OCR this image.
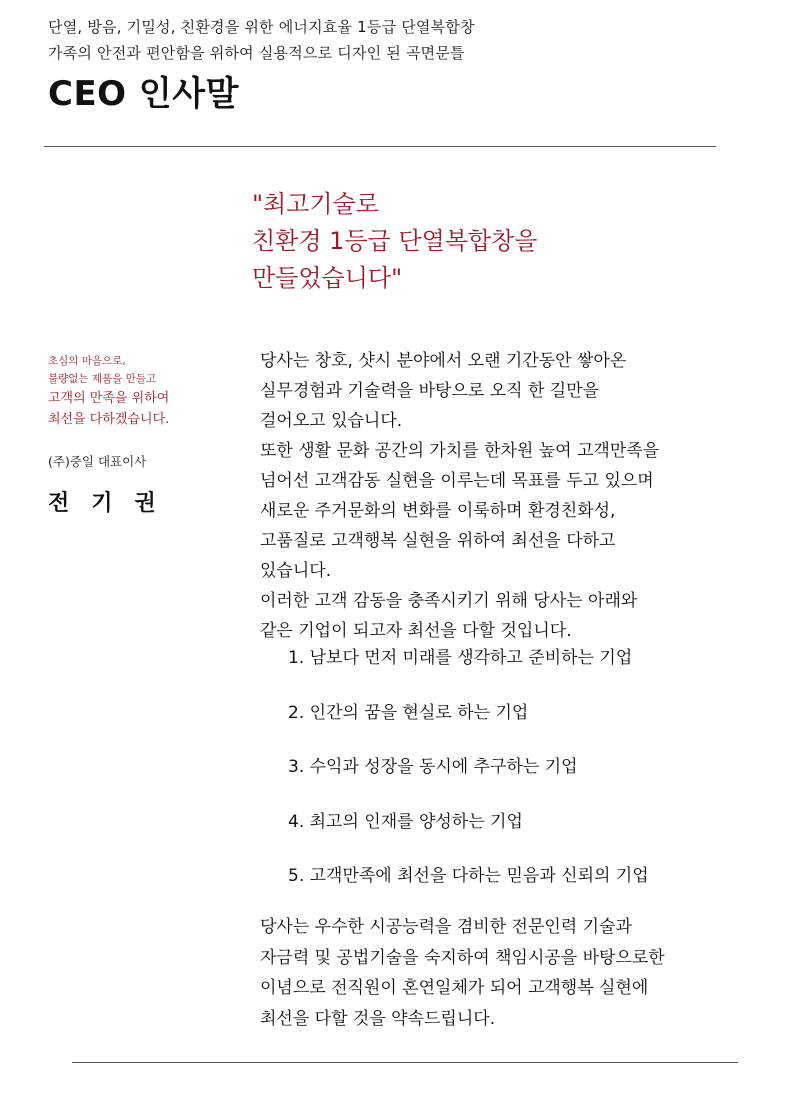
단열, 방음, 기밀성, 친환경을 위한 에너지효율 1등급 단열복합창
가족의 안전과 편안함을 위하여 실용적으로 디자인 된 곡면문틀
CEO 인사말
"최고기술로
친환경 1등급 단열복합창을
만들었습니다"
초심의 마음으로,
불량없는 제품을 만들고
고객의 만족을 위하여
최선을 다하겠습니다.
(주)중일 대표이사
전기권
당사는 창호, 샷시 분야에서 오랜 기간동안 쌓아온
실무경험과 기술력을 바탕으로 오직 한 길만을
걸어오고 있습니다.
또한 생활 문화 공간의 가치를 한차원 높여 고객만족을
넘어선 고객감동 실현을 이루는데 목표를 두고 있으며
새로운 주거문화의 변화를 이룩하며 환경친화성,
고품질로 고객행복 실현을 위하여 최선을 다하고
있습니다.
이러한 고객 감동을 충족시키기 위해 당사는 아래와
같은 기업이 되고자 최선을 다할 것입니다.
1. 남보다 먼저 미래를 생각하고 준비하는 기업
2. 인간의 꿈을 현실로 하는 기업
3. 수익과 성장을 동시에 추구하는 기업
4. 최고의 인재를 양성하는 기업
5. 고객만족에 최선을 다하는 믿음과 신뢰의 기업
당사는 우수한 시공능력을 겸비한 전문인력 기술과
자금력 및 공법기술을 숙지하여 책임시공을 바탕으로한
이념으로 전직원이 혼연일체가 되어 고객행복 실현에
최선을 다할 것을 약속드립니다.
